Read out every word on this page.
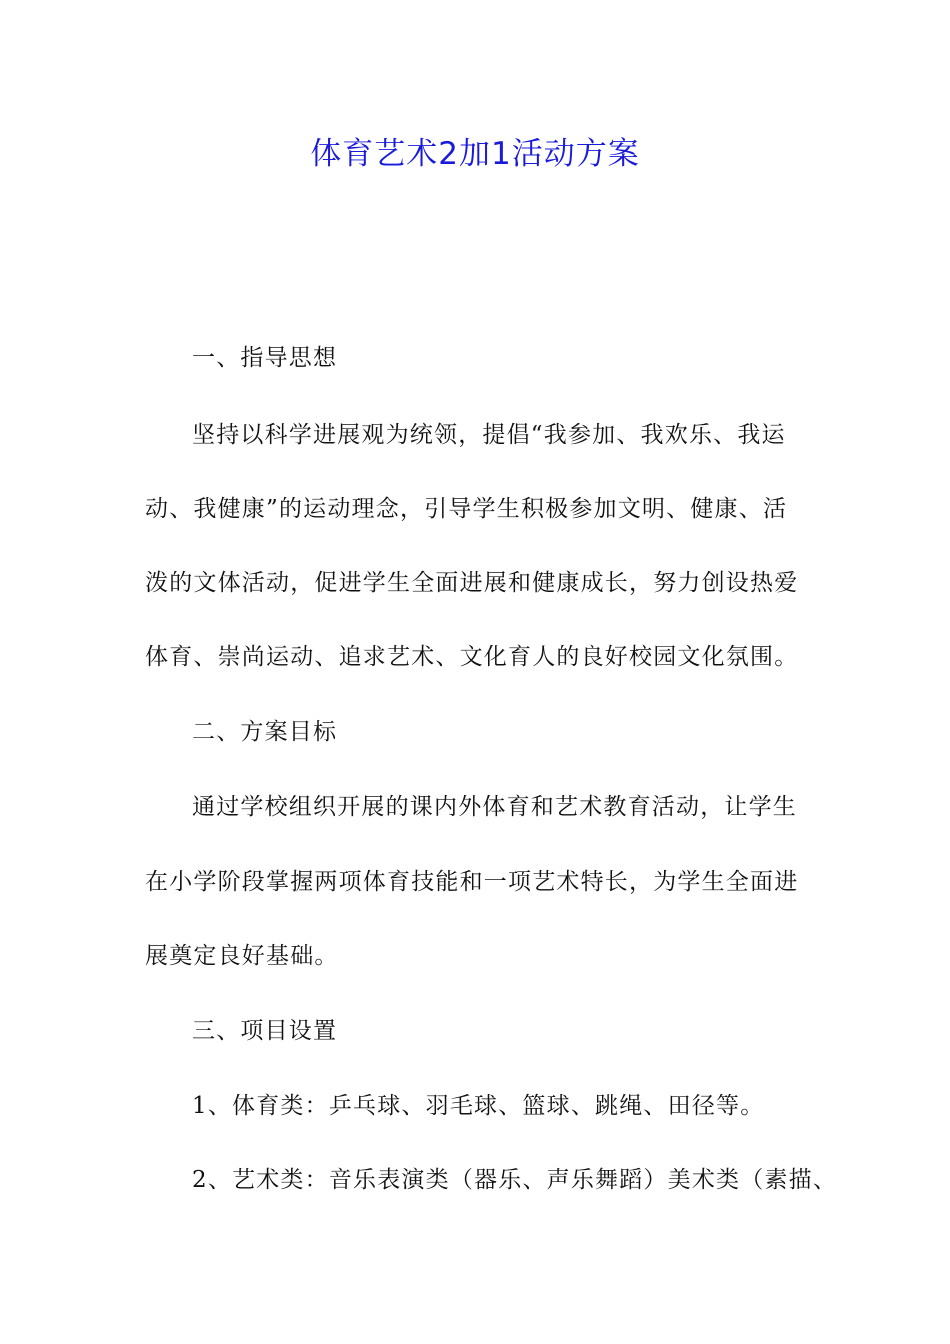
体育艺术2加1活动方案

一、指导思想

坚持以科学进展观为统领，提倡“我参加、我欢乐、我运

动、我健康”的运动理念，引导学生积极参加文明、健康、活

泼的文体活动，促进学生全面进展和健康成长，努力创设热爱

体育、崇尚运动、追求艺术、文化育人的良好校园文化氛围。

二、方案目标

通过学校组织开展的课内外体育和艺术教育活动，让学生

在小学阶段掌握两项体育技能和一项艺术特长，为学生全面进

展奠定良好基础。

三、项目设置

1、体育类：乒乓球、羽毛球、篮球、跳绳、田径等。

2、艺术类：音乐表演类（器乐、声乐舞蹈）美术类（素描、
